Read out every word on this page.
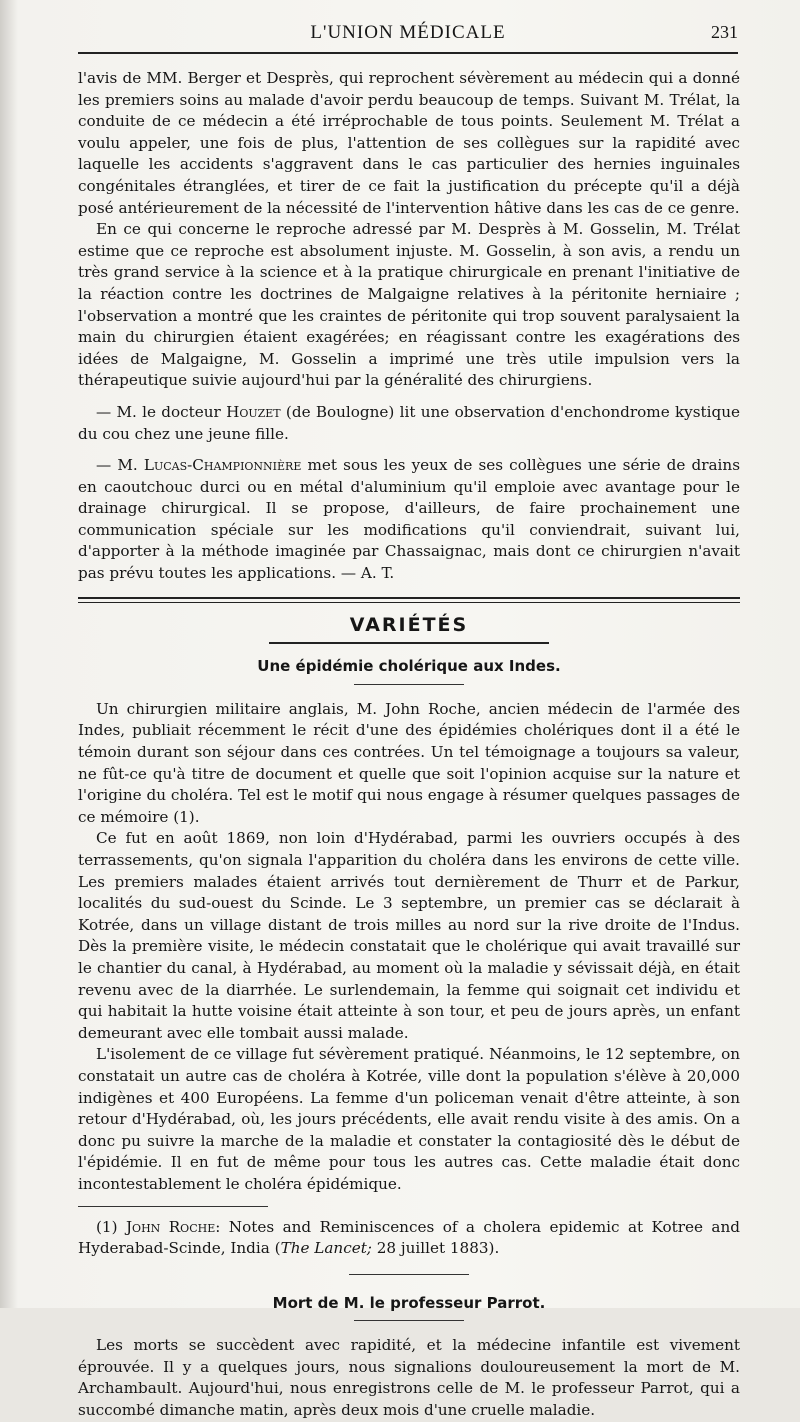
L'UNION MÉDICALE	231

l'avis de MM. Berger et Desprès, qui reprochent sévèrement au médecin qui a donné les premiers soins au malade d'avoir perdu beaucoup de temps. Suivant M. Trélat, la conduite de ce médecin a été irréprochable de tous points. Seulement M. Trélat a voulu appeler, une fois de plus, l'attention de ses collègues sur la rapidité avec laquelle les accidents s'aggravent dans le cas particulier des hernies inguinales congénitales étranglées, et tirer de ce fait la justification du précepte qu'il a déjà posé antérieurement de la nécessité de l'intervention hâtive dans les cas de ce genre.

En ce qui concerne le reproche adressé par M. Desprès à M. Gosselin, M. Trélat estime que ce reproche est absolument injuste. M. Gosselin, à son avis, a rendu un très grand service à la science et à la pratique chirurgicale en prenant l'initiative de la réaction contre les doctrines de Malgaigne relatives à la péritonite herniaire ; l'observation a montré que les craintes de péritonite qui trop souvent paralysaient la main du chirurgien étaient exagérées; en réagissant contre les exagérations des idées de Malgaigne, M. Gosselin a imprimé une très utile impulsion vers la thérapeutique suivie aujourd'hui par la généralité des chirurgiens.

— M. le docteur Houzet (de Boulogne) lit une observation d'enchondrome kystique du cou chez une jeune fille.

— M. Lucas-Championnière met sous les yeux de ses collègues une série de drains en caoutchouc durci ou en métal d'aluminium qu'il emploie avec avantage pour le drainage chirurgical. Il se propose, d'ailleurs, de faire prochainement une communication spéciale sur les modifications qu'il conviendrait, suivant lui, d'apporter à la méthode imaginée par Chassaignac, mais dont ce chirurgien n'avait pas prévu toutes les applications. — A. T.

VARIÉTÉS
Une épidémie cholérique aux Indes.

Un chirurgien militaire anglais, M. John Roche, ancien médecin de l'armée des Indes, publiait récemment le récit d'une des épidémies cholériques dont il a été le témoin durant son séjour dans ces contrées. Un tel témoignage a toujours sa valeur, ne fût-ce qu'à titre de document et quelle que soit l'opinion acquise sur la nature et l'origine du choléra. Tel est le motif qui nous engage à résumer quelques passages de ce mémoire (1).

Ce fut en août 1869, non loin d'Hydérabad, parmi les ouvriers occupés à des terrassements, qu'on signala l'apparition du choléra dans les environs de cette ville. Les premiers malades étaient arrivés tout dernièrement de Thurr et de Parkur, localités du sud-ouest du Scinde. Le 3 septembre, un premier cas se déclarait à Kotrée, dans un village distant de trois milles au nord sur la rive droite de l'Indus. Dès la première visite, le médecin constatait que le cholérique qui avait travaillé sur le chantier du canal, à Hydérabad, au moment où la maladie y sévissait déjà, en était revenu avec de la diarrhée. Le surlendemain, la femme qui soignait cet individu et qui habitait la hutte voisine était atteinte à son tour, et peu de jours après, un enfant demeurant avec elle tombait aussi malade.

L'isolement de ce village fut sévèrement pratiqué. Néanmoins, le 12 septembre, on constatait un autre cas de choléra à Kotrée, ville dont la population s'élève à 20,000 indigènes et 400 Européens. La femme d'un policeman venait d'être atteinte, à son retour d'Hydérabad, où, les jours précédents, elle avait rendu visite à des amis. On a donc pu suivre la marche de la maladie et constater la contagiosité dès le début de l'épidémie. Il en fut de même pour tous les autres cas. Cette maladie était donc incontestablement le choléra épidémique.

(1) John Roche: Notes and Reminiscences of a cholera epidemic at Kotree and Hyderabad-Scinde, India (The Lancet; 28 juillet 1883).

Mort de M. le professeur Parrot.

Les morts se succèdent avec rapidité, et la médecine infantile est vivement éprouvée. Il y a quelques jours, nous signalions douloureusement la mort de M. Archambault. Aujourd'hui, nous enregistrons celle de M. le professeur Parrot, qui a succombé dimanche matin, après deux mois d'une cruelle maladie.
